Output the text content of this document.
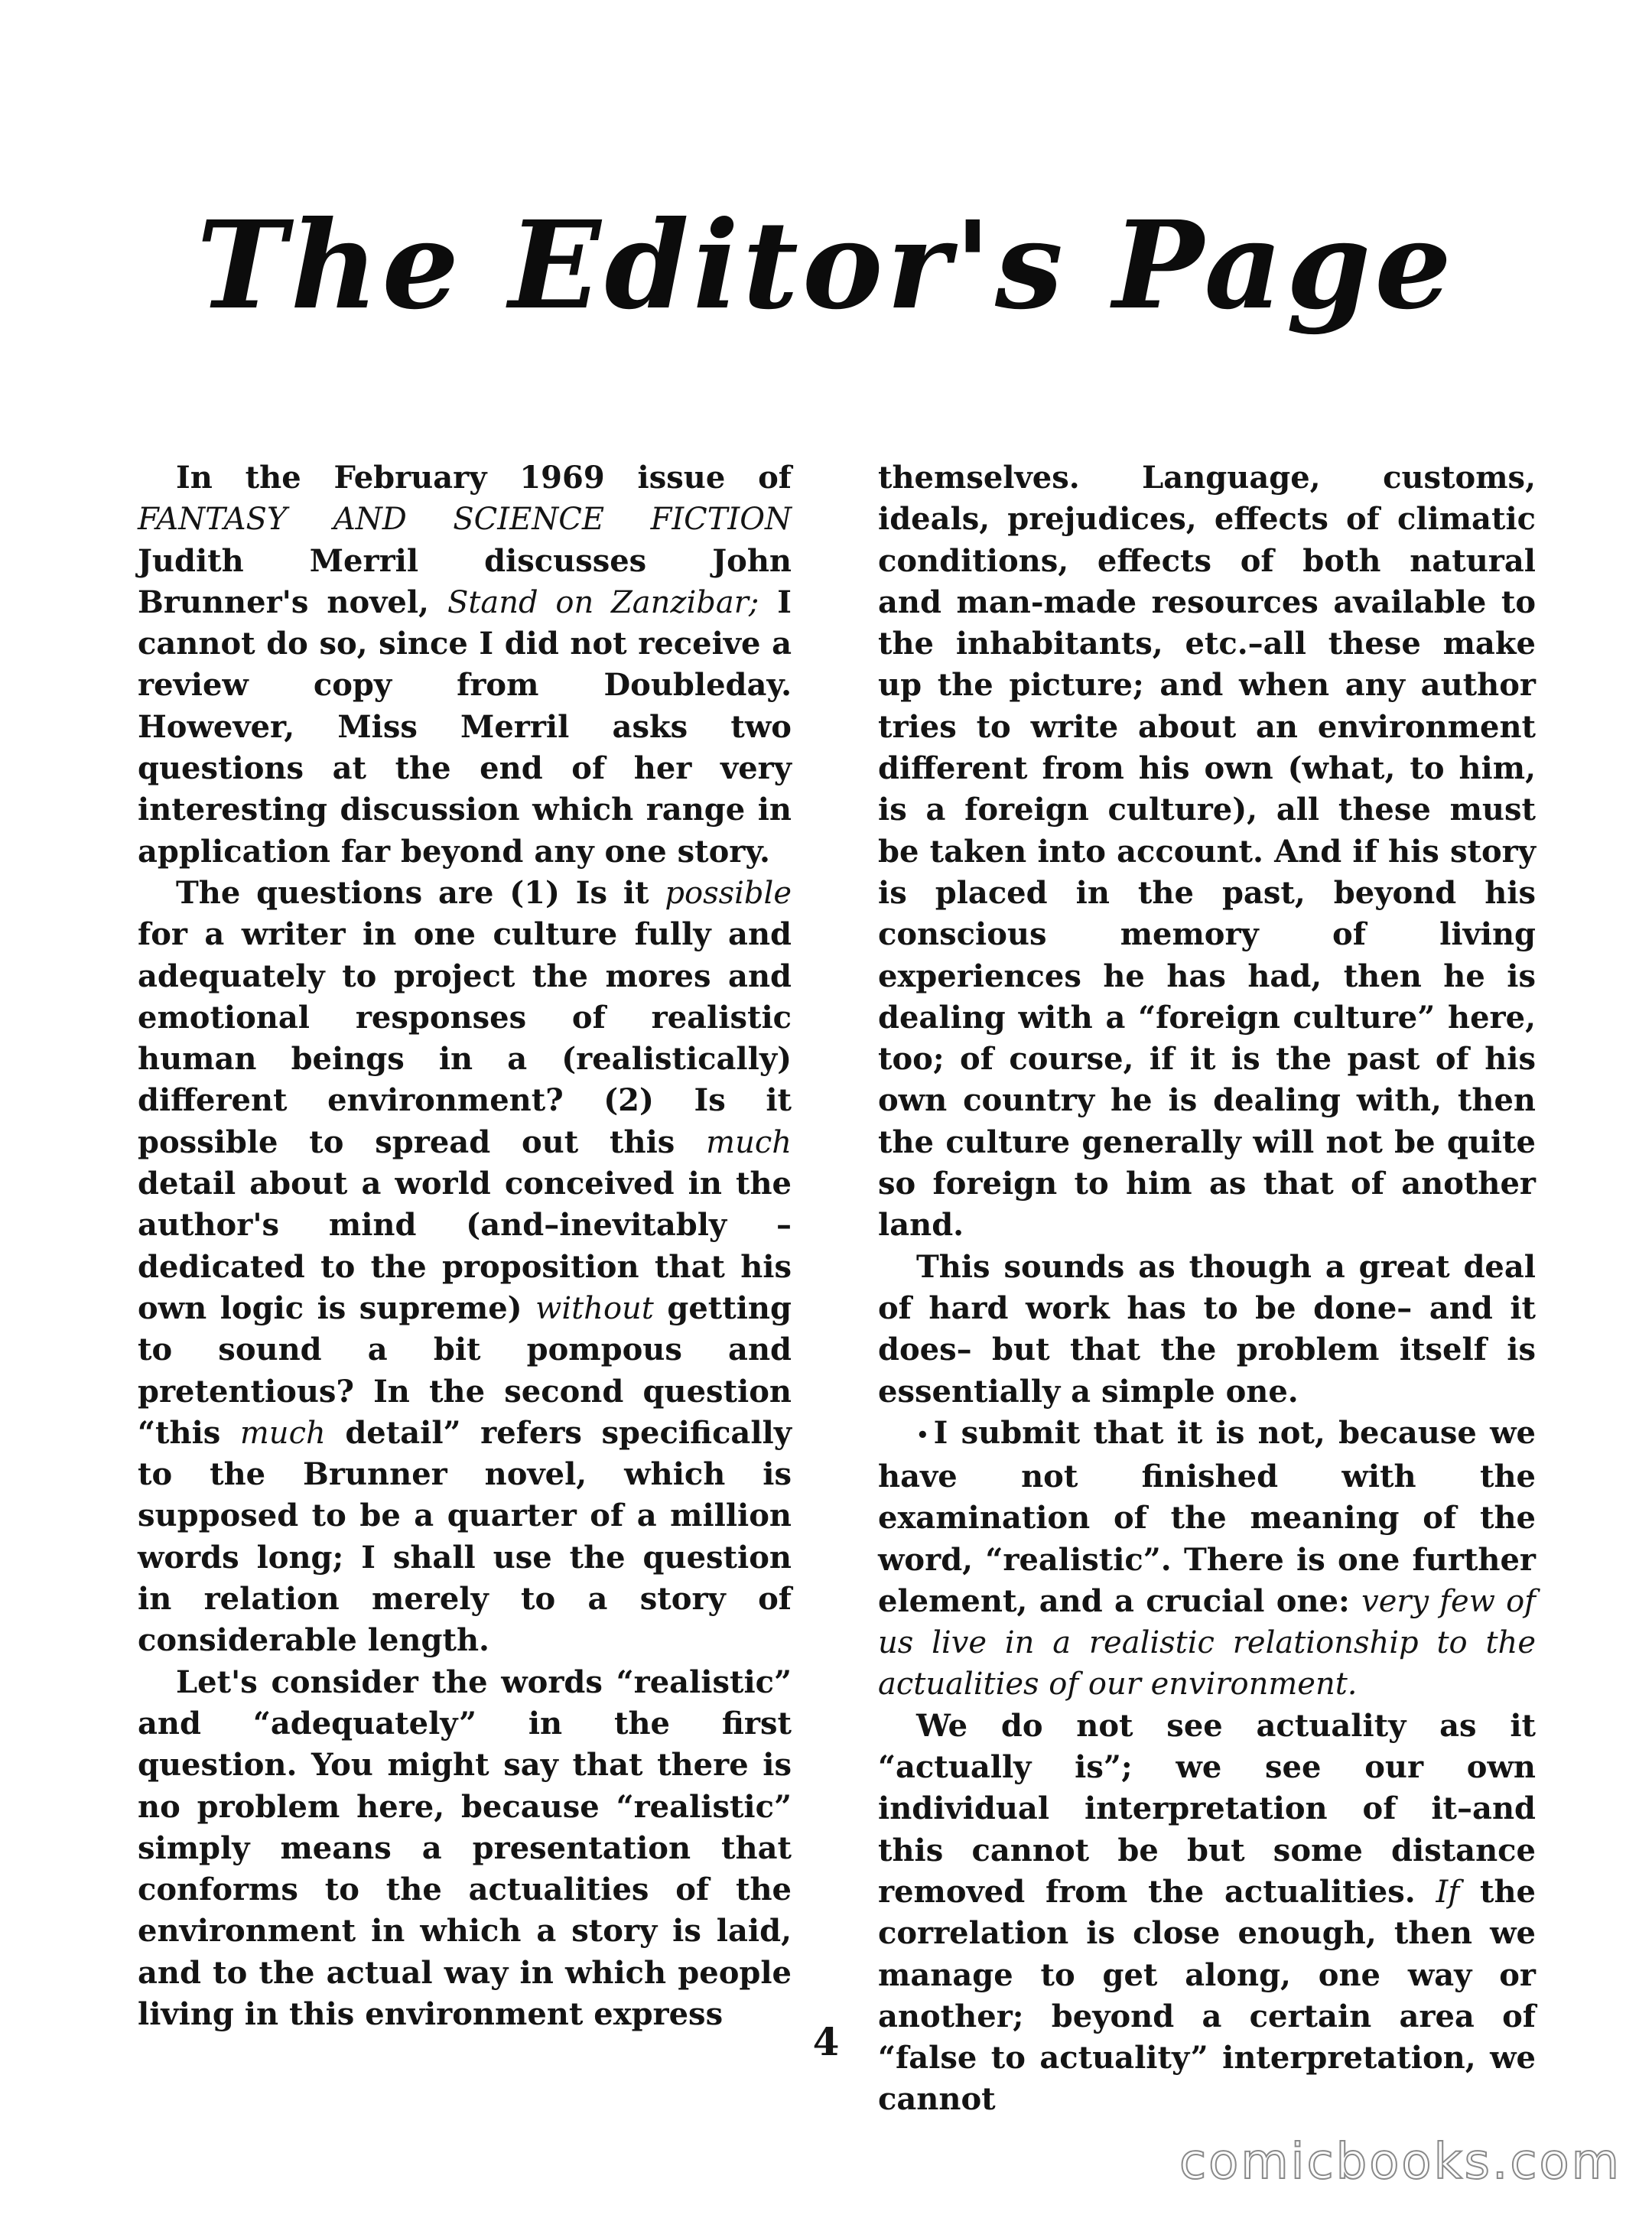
The Editor's Page

In the February 1969 issue of FANTASY AND SCIENCE FICTION Judith Merril discusses John Brunner's novel, Stand on Zanzibar; I cannot do so, since I did not receive a review copy from Doubleday. However, Miss Merril asks two questions at the end of her very interesting discussion which range in application far beyond any one story.

The questions are (1) Is it possible for a writer in one culture fully and adequately to project the mores and emotional responses of realistic human beings in a (realistically) different environment? (2) Is it possible to spread out this much detail about a world conceived in the author's mind (and–inevitably –dedicated to the proposition that his own logic is supreme) without getting to sound a bit pompous and pretentious? In the second question “this much detail” refers specifically to the Brunner novel, which is supposed to be a quarter of a million words long; I shall use the question in relation merely to a story of considerable length.

Let's consider the words “realistic” and “adequately” in the first question. You might say that there is no problem here, because “realistic” simply means a presentation that conforms to the actualities of the environment in which a story is laid, and to the actual way in which people living in this environment express

themselves. Language, customs, ideals, prejudices, effects of climatic conditions, effects of both natural and man-made resources available to the inhabitants, etc.–all these make up the picture; and when any author tries to write about an environment different from his own (what, to him, is a foreign culture), all these must be taken into account. And if his story is placed in the past, beyond his conscious memory of living experiences he has had, then he is dealing with a “foreign culture” here, too; of course, if it is the past of his own country he is dealing with, then the culture generally will not be quite so foreign to him as that of another land.

This sounds as though a great deal of hard work has to be done– and it does– but that the problem itself is essentially a simple one.

• I submit that it is not, because we have not finished with the examination of the meaning of the word, “realistic”. There is one further element, and a crucial one: very few of us live in a realistic relationship to the actualities of our environment.

We do not see actuality as it “actually is”; we see our own individual interpretation of it–and this cannot be but some distance removed from the actualities. If the correlation is close enough, then we manage to get along, one way or another; beyond a certain area of “false to actuality” interpretation, we cannot

4
comicbooks.com
